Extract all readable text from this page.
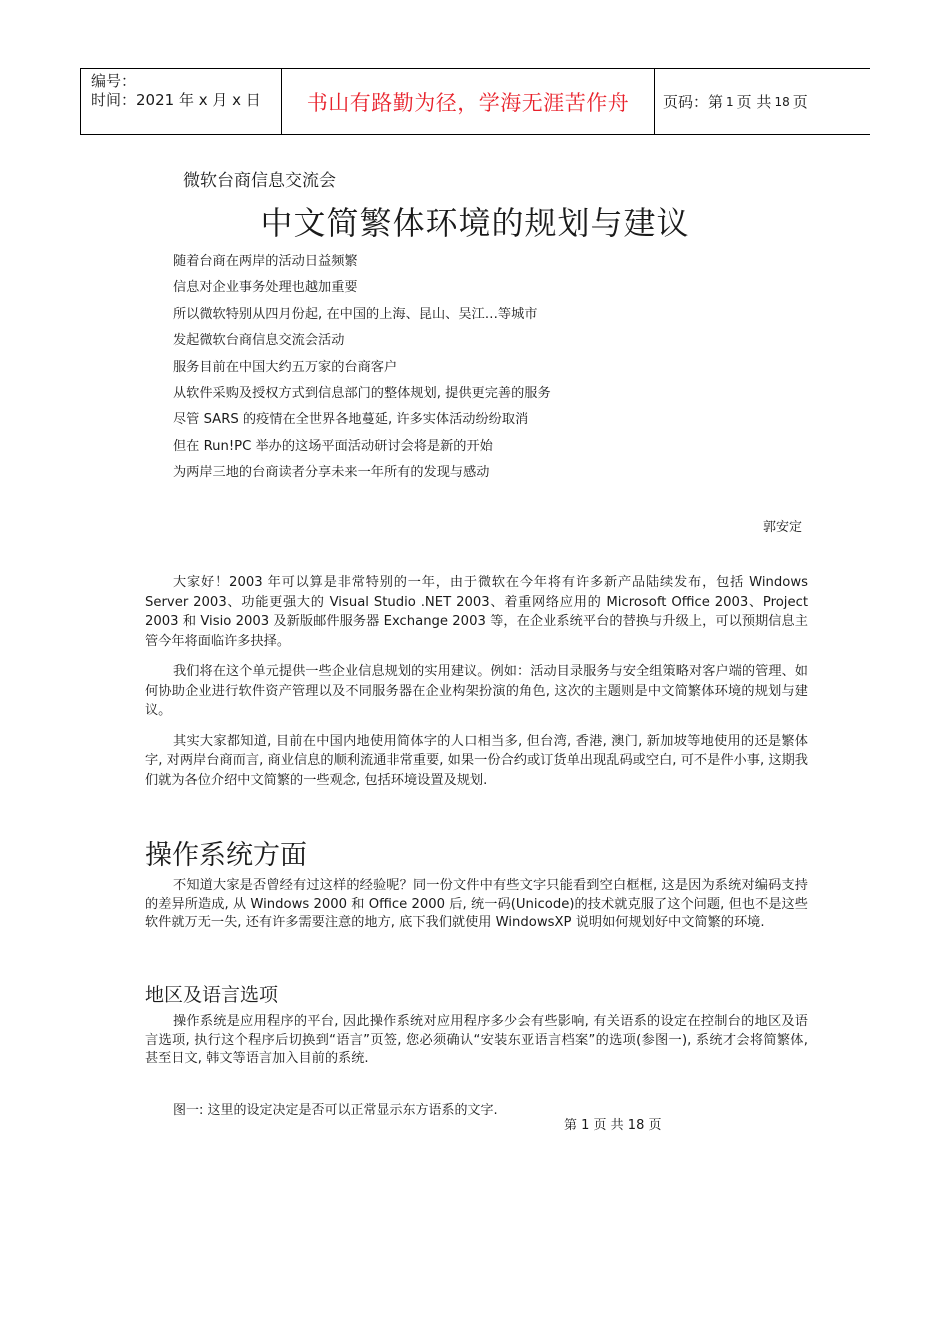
编号：
时间：2021 年 x 月 x 日	书山有路勤为径，学海无涯苦作舟 页码：第 1 页 共 18 页
微软台商信息交流会
中文简繁体环境的规划与建议
随着台商在两岸的活动日益频繁
信息对企业事务处理也越加重要
所以微软特别从四月份起, 在中国的上海、昆山、吴江…等城市
发起微软台商信息交流会活动
服务目前在中国大约五万家的台商客户
从软件采购及授权方式到信息部门的整体规划, 提供更完善的服务
尽管 SARS 的疫情在全世界各地蔓延, 许多实体活动纷纷取消
但在 Run!PC 举办的这场平面活动研讨会将是新的开始
为两岸三地的台商读者分享未来一年所有的发现与感动
郭安定

大家好！2003 年可以算是非常特别的一年，由于微软在今年将有许多新产品陆续发布，包括 Windows Server 2003、功能更强大的 Visual Studio .NET 2003、着重网络应用的 Microsoft Office 2003、Project 2003 和 Visio 2003 及新版邮件服务器 Exchange 2003 等，在企业系统平台的替换与升级上，可以预期信息主管今年将面临许多抉择。

我们将在这个单元提供一些企业信息规划的实用建议。例如：活动目录服务与安全组策略对客户端的管理、如何协助企业进行软件资产管理以及不同服务器在企业构架扮演的角色, 这次的主题则是中文简繁体环境的规划与建议。

其实大家都知道, 目前在中国内地使用简体字的人口相当多, 但台湾, 香港, 澳门, 新加坡等地使用的还是繁体字, 对两岸台商而言, 商业信息的顺利流通非常重要, 如果一份合约或订货单出现乱码或空白, 可不是件小事, 这期我们就为各位介绍中文简繁的一些观念, 包括环境设置及规划.

操作系统方面

不知道大家是否曾经有过这样的经验呢？同一份文件中有些文字只能看到空白框框, 这是因为系统对编码支持的差异所造成, 从 Windows 2000 和 Office 2000 后, 统一码(Unicode)的技术就克服了这个问题, 但也不是这些软件就万无一失, 还有许多需要注意的地方, 底下我们就使用 WindowsXP 说明如何规划好中文简繁的环境.

地区及语言选项

操作系统是应用程序的平台, 因此操作系统对应用程序多少会有些影响, 有关语系的设定在控制台的地区及语言选项, 执行这个程序后切换到“语言”页签, 您必须确认“安装东亚语言档案”的选项(参图一), 系统才会将简繁体, 甚至日文, 韩文等语言加入目前的系统.

图一: 这里的设定决定是否可以正常显示东方语系的文字.
第 1 页 共 18 页
